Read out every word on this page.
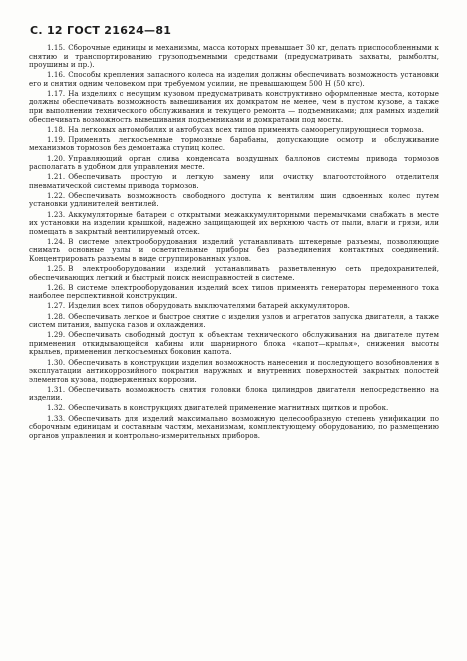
С. 12 ГОСТ 21624—81

1.15. Сборочные единицы и механизмы, масса которых превышает 30 кг, делать приспособленными к снятию и транспортированию грузоподъемными средствами (предусматривать захваты, рымболты, проушины и пр.).

1.16. Способы крепления запасного колеса на изделия должны обеспечивать возможность установки его и снятия одним человеком при требуемом усилии, не превышающем 500 Н (50 кгс).

1.17. На изделиях с несущим кузовом предусматривать конструктивно оформленные места, которые должны обеспечивать возможность вывешивания их домкратом не менее, чем в пустом кузове, а также при выполнении технического обслуживания и текущего ремонта — подъемниками; для рамных изделий обеспечивать возможность вывешивания подъемниками и домкратами под мосты.

1.18. На легковых автомобилях и автобусах всех типов применять самоорегулирующиеся тормоза.

1.19. Применять легкосъемные тормозные барабаны, допускающие осмотр и обслуживание механизмов тормозов без демонтажа ступиц колес.

1.20. Управляющий орган слива конденсата воздушных баллонов системы привода тормозов располагать в удобном для управления месте.

1.21. Обеспечивать простую и легкую замену или очистку влагоотстойного отделителя пневматической системы привода тормозов.

1.22. Обеспечивать возможность свободного доступа к вентилям шин сдвоенных колес путем установки удлинителей вентилей.

1.23. Аккумуляторные батареи с открытыми межаккумуляторными перемычками снабжать в месте их установки на изделии крышкой, надежно защищающей их верхнюю часть от пыли, влаги и грязи, или помещать в закрытый вентилируемый отсек.

1.24. В системе электрооборудования изделий устанавливать штекерные разъемы, позволяющие снимать основные узлы и осветительные приборы без разъединения контактных соединений. Концентрировать разъемы в виде сгруппированных узлов.

1.25. В электрооборудовании изделий устанавливать разветвленную сеть предохранителей, обеспечивающих легкий и быстрый поиск неисправностей в системе.

1.26. В системе электрооборудования изделий всех типов применять генераторы переменного тока наиболее перспективной конструкции.

1.27. Изделия всех типов оборудовать выключателями батарей аккумуляторов.

1.28. Обеспечивать легкое и быстрое снятие с изделия узлов и агрегатов запуска двигателя, а также систем питания, выпуска газов и охлаждения.

1.29. Обеспечивать свободный доступ к объектам технического обслуживания на двигателе путем применения откидывающейся кабины или шарнирного блока «капот—крылья», снижения высоты крыльев, применения легкосъемных боковин капота.

1.30. Обеспечивать в конструкции изделия возможность нанесения и последующего возобновления в эксплуатации антикоррозийного покрытия наружных и внутренних поверхностей закрытых полостей элементов кузова, подверженных коррозии.

1.31. Обеспечивать возможность снятия головки блока цилиндров двигателя непосредственно на изделии.

1.32. Обеспечивать в конструкциях двигателей применение магнитных щитков и пробок.

1.33. Обеспечивать для изделий максимально возможную целесообразную степень унификации по сборочным единицам и составным частям, механизмам, комплектующему оборудованию, по размещению органов управления и контрольно-измерительных приборов.
